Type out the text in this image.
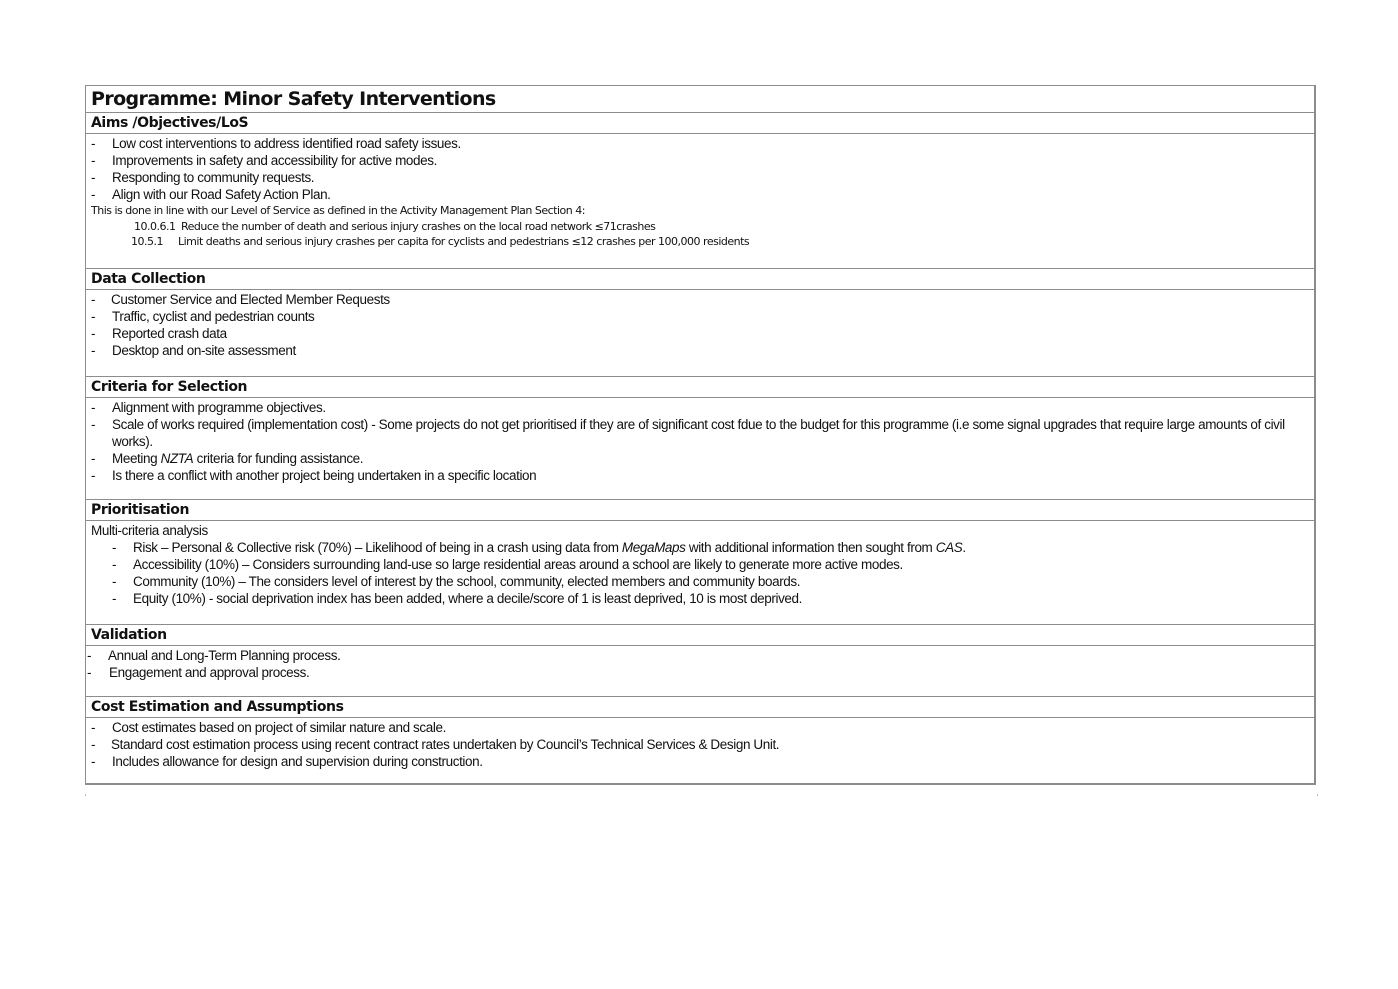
Programme: Minor Safety Interventions
Aims /Objectives/LoS
- Low cost interventions to address identified road safety issues.
- Improvements in safety and accessibility for active modes.
- Responding to community requests.
- Align with our Road Safety Action Plan.
This is done in line with our Level of Service as defined in the Activity Management Plan Section 4:
10.0.6.1 Reduce the number of death and serious injury crashes on the local road network ≤71crashes
10.5.1 Limit deaths and serious injury crashes per capita for cyclists and pedestrians ≤12 crashes per 100,000 residents
Data Collection
- Customer Service and Elected Member Requests
- Traffic, cyclist and pedestrian counts
- Reported crash data
- Desktop and on-site assessment
Criteria for Selection
- Alignment with programme objectives.
- Scale of works required (implementation cost) - Some projects do not get prioritised if they are of significant cost fdue to the budget for this programme (i.e some signal upgrades that require large amounts of civil works).
- Meeting NZTA criteria for funding assistance.
- Is there a conflict with another project being undertaken in a specific location
Prioritisation
Multi-criteria analysis
- Risk – Personal & Collective risk (70%) – Likelihood of being in a crash using data from MegaMaps with additional information then sought from CAS.
- Accessibility (10%) – Considers surrounding land-use so large residential areas around a school are likely to generate more active modes.
- Community (10%) – The considers level of interest by the school, community, elected members and community boards.
- Equity (10%) - social deprivation index has been added, where a decile/score of 1 is least deprived, 10 is most deprived.
Validation
- Annual and Long-Term Planning process.
- Engagement and approval process.
Cost Estimation and Assumptions
- Cost estimates based on project of similar nature and scale.
- Standard cost estimation process using recent contract rates undertaken by Council’s Technical Services & Design Unit.
- Includes allowance for design and supervision during construction.
